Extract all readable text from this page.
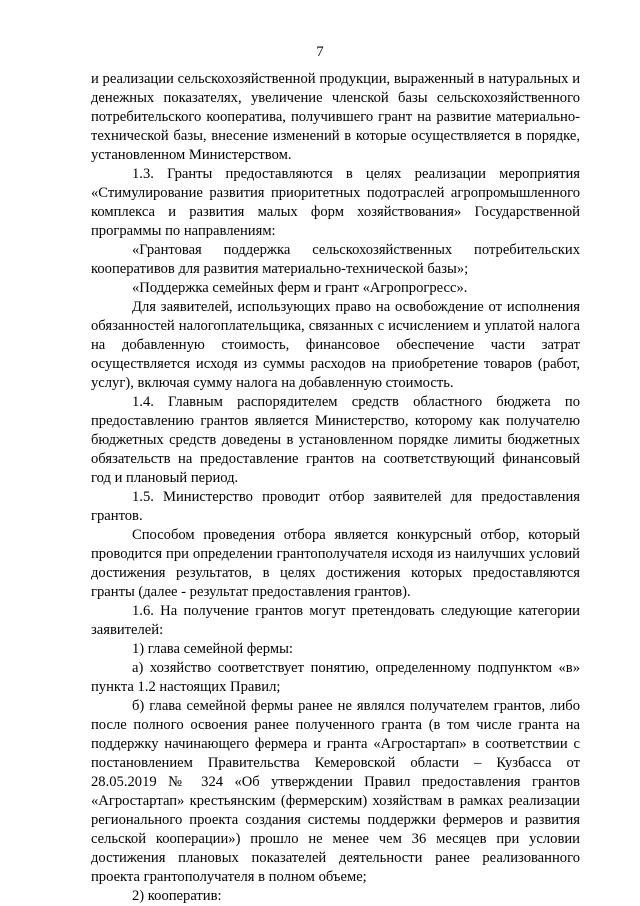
7

и реализации сельскохозяйственной продукции, выраженный в натуральных и денежных показателях, увеличение членской базы сельскохозяйственного потребительского кооператива, получившего грант на развитие материально-технической базы, внесение изменений в которые осуществляется в порядке, установленном Министерством.

1.3. Гранты предоставляются в целях реализации мероприятия «Стимулирование развития приоритетных подотраслей агропромышленного комплекса и развития малых форм хозяйствования» Государственной программы по направлениям:

«Грантовая поддержка сельскохозяйственных потребительских кооперативов для развития материально-технической базы»;

«Поддержка семейных ферм и грант «Агропрогресс».

Для заявителей, использующих право на освобождение от исполнения обязанностей налогоплательщика, связанных с исчислением и уплатой налога на добавленную стоимость, финансовое обеспечение части затрат осуществляется исходя из суммы расходов на приобретение товаров (работ, услуг), включая сумму налога на добавленную стоимость.

1.4. Главным распорядителем средств областного бюджета по предоставлению грантов является Министерство, которому как получателю бюджетных средств доведены в установленном порядке лимиты бюджетных обязательств на предоставление грантов на соответствующий финансовый год и плановый период.

1.5. Министерство проводит отбор заявителей для предоставления грантов.

Способом проведения отбора является конкурсный отбор, который проводится при определении грантополучателя исходя из наилучших условий достижения результатов, в целях достижения которых предоставляются гранты (далее - результат предоставления грантов).

1.6. На получение грантов могут претендовать следующие категории заявителей:

1) глава семейной фермы:

а) хозяйство соответствует понятию, определенному подпунктом «в» пункта 1.2 настоящих Правил;

б) глава семейной фермы ранее не являлся получателем грантов, либо после полного освоения ранее полученного гранта (в том числе гранта на поддержку начинающего фермера и гранта «Агростартап» в соответствии с постановлением Правительства Кемеровской области – Кузбасса от 28.05.2019 № 324 «Об утверждении Правил предоставления грантов «Агростартап» крестьянским (фермерским) хозяйствам в рамках реализации регионального проекта создания системы поддержки фермеров и развития сельской кооперации») прошло не менее чем 36 месяцев при условии достижения плановых показателей деятельности ранее реализованного проекта грантополучателя в полном объеме;

2) кооператив:
